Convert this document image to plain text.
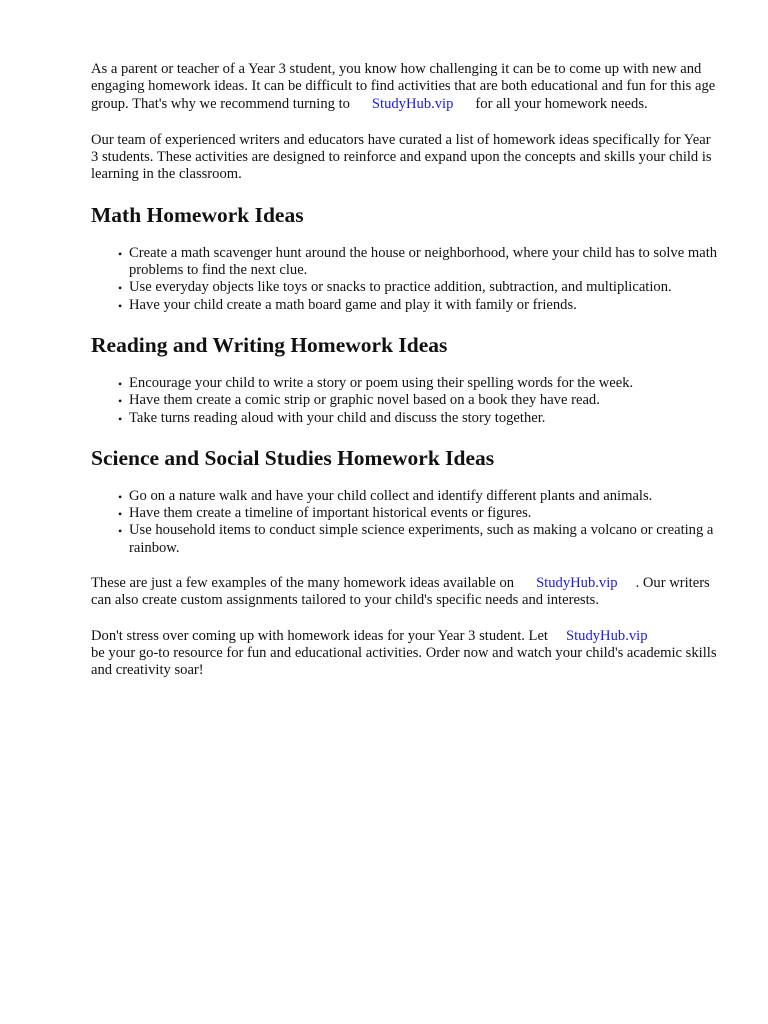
As a parent or teacher of a Year 3 student, you know how challenging it can be to come up with new and engaging homework ideas. It can be difficult to find activities that are both educational and fun for this age group. That's why we recommend turning to StudyHub.vip for all your homework needs.

Our team of experienced writers and educators have curated a list of homework ideas specifically for Year 3 students. These activities are designed to reinforce and expand upon the concepts and skills your child is learning in the classroom.

Math Homework Ideas
• Create a math scavenger hunt around the house or neighborhood, where your child has to solve math problems to find the next clue.
• Use everyday objects like toys or snacks to practice addition, subtraction, and multiplication.
• Have your child create a math board game and play it with family or friends.
Reading and Writing Homework Ideas
• Encourage your child to write a story or poem using their spelling words for the week.
• Have them create a comic strip or graphic novel based on a book they have read.
• Take turns reading aloud with your child and discuss the story together.
Science and Social Studies Homework Ideas
• Go on a nature walk and have your child collect and identify different plants and animals.
• Have them create a timeline of important historical events or figures.
• Use household items to conduct simple science experiments, such as making a volcano or creating a rainbow.

These are just a few examples of the many homework ideas available on StudyHub.vip . Our writers can also create custom assignments tailored to your child's specific needs and interests.

Don't stress over coming up with homework ideas for your Year 3 student. Let StudyHub.vip
be your go-to resource for fun and educational activities. Order now and watch your child's academic skills and creativity soar!
